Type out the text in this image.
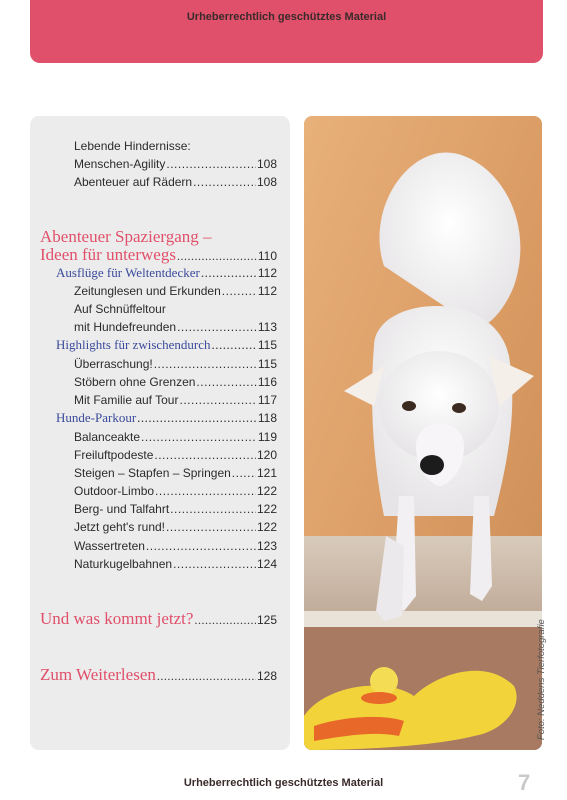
Urheberrechtlich geschütztes Material
Lebende Hindernisse:
Menschen-Agility .....	108
Abenteuer auf Rädern .....	108
Abenteuer Spaziergang –
Ideen für unterwegs .....	110
Ausflüge für Weltentdecker .....	112
Zeitunglesen und Erkunden .....	112
Auf Schnüffeltour
mit Hundefreunden .....	113
Highlights für zwischendurch .....	115
Überraschung! .....	115
Stöbern ohne Grenzen .....	116
Mit Familie auf Tour .....	117
Hunde-Parkour .....	118
Balanceakte .....	119
Freiluftpodeste .....	120
Steigen – Stapfen – Springen ..... 121
Outdoor-Limbo .....	122
Berg- und Talfahrt .....	122
Jetzt geht's rund! .....	122
Wassertreten .....	123
Naturkugelbahnen .....	124
Und was kommt jetzt? .....	125
Zum Weiterlesen .....	128	Foto: Neddens Tierfotografie
Urheberrechtlich geschütztes Material	7
